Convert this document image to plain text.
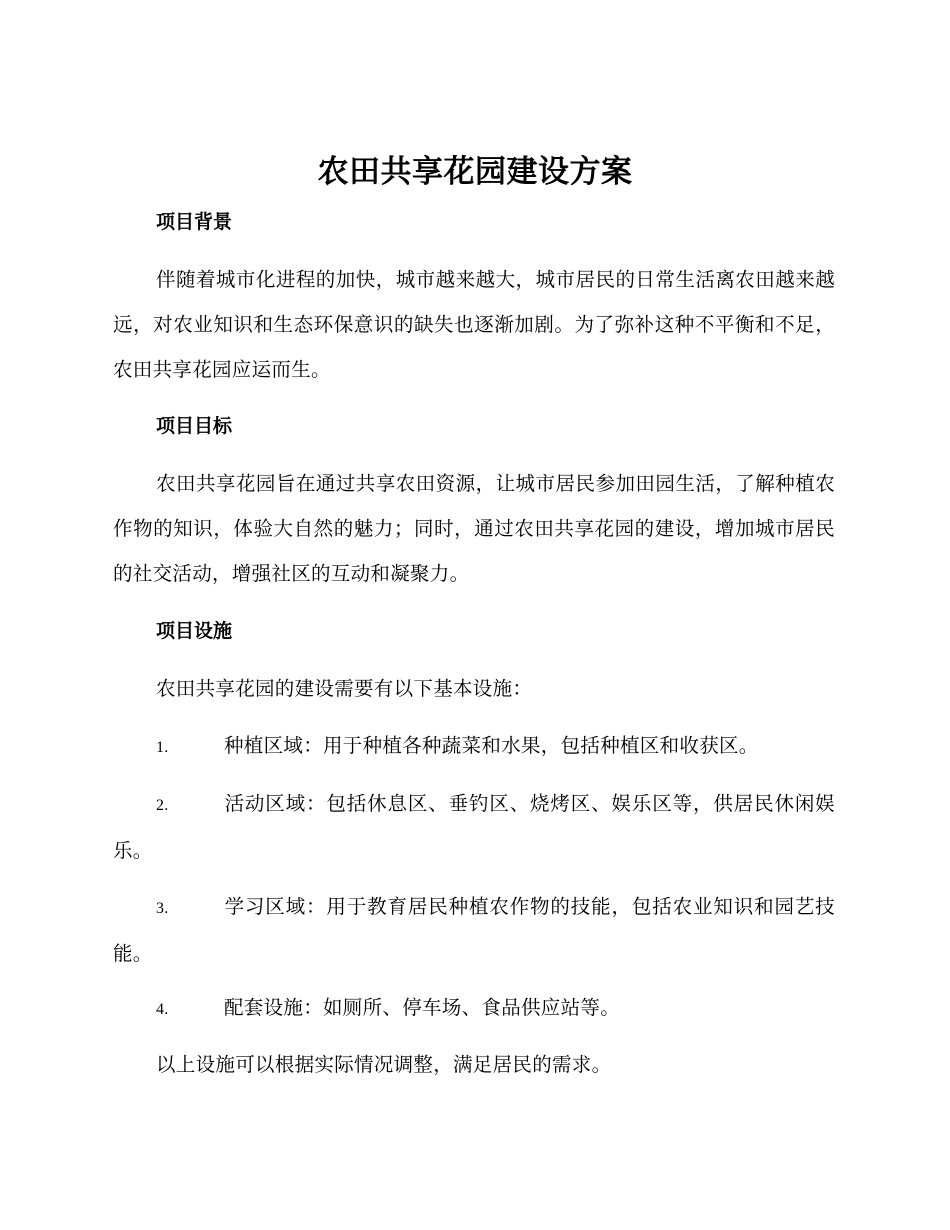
农田共享花园建设方案
项目背景
伴随着城市化进程的加快，城市越来越大，城市居民的日常生活离农田越来越远，对农业知识和生态环保意识的缺失也逐渐加剧。为了弥补这种不平衡和不足，农田共享花园应运而生。
项目目标
农田共享花园旨在通过共享农田资源，让城市居民参加田园生活，了解种植农作物的知识，体验大自然的魅力；同时，通过农田共享花园的建设，增加城市居民的社交活动，增强社区的互动和凝聚力。
项目设施
农田共享花园的建设需要有以下基本设施：
1.	种植区域：用于种植各种蔬菜和水果，包括种植区和收获区。
2.	活动区域：包括休息区、垂钓区、烧烤区、娱乐区等，供居民休闲娱乐。
3.	学习区域：用于教育居民种植农作物的技能，包括农业知识和园艺技能。
4.	配套设施：如厕所、停车场、食品供应站等。
以上设施可以根据实际情况调整，满足居民的需求。
